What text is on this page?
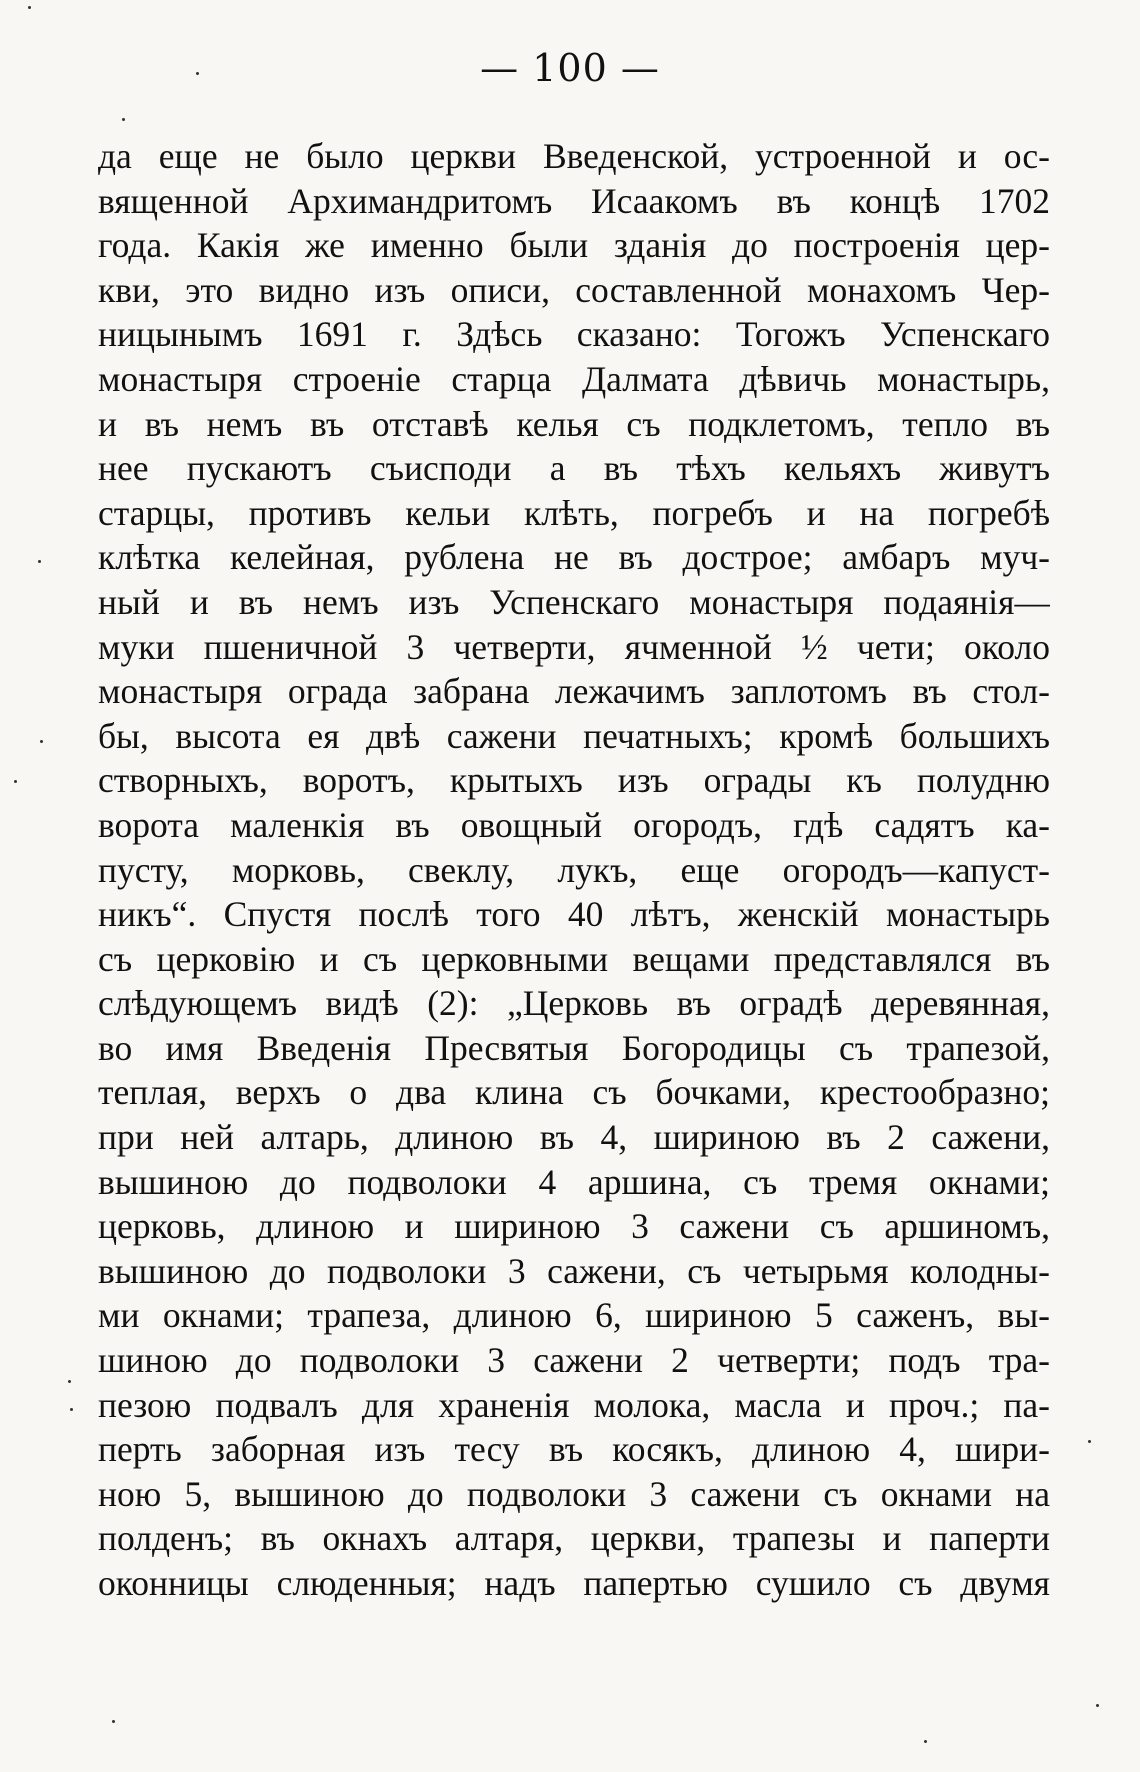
— 100 —
да еще не было церкви Введенской, устроенной и ос-
вященной Архимандритомъ Исаакомъ въ концѣ 1702
года. Какія же именно были зданія до построенія цер-
кви, это видно изъ описи, составленной монахомъ Чер-
ницынымъ 1691 г. Здѣсь сказано: Тогожъ Успенскаго
монастыря строеніе старца Далмата дѣвичь монастырь,
и въ немъ въ отставѣ келья съ подклетомъ, тепло въ
нее пускаютъ съисподи а въ тѣхъ кельяхъ живутъ
старцы, противъ кельи клѣть, погребъ и на погребѣ
клѣтка келейная, рублена не въ дострое; амбаръ муч-
ный и въ немъ изъ Успенскаго монастыря подаянія—
муки пшеничной 3 четверти, ячменной ½ чети; около
монастыря ограда забрана лежачимъ заплотомъ въ стол-
бы, высота ея двѣ сажени печатныхъ; кромѣ большихъ
створныхъ, воротъ, крытыхъ изъ ограды къ полудню
ворота маленкія въ овощный огородъ, гдѣ садятъ ка-
пусту, морковь, свеклу, лукъ, еще огородъ—капуст-
никъ“. Спустя послѣ того 40 лѣтъ, женскій монастырь
съ церковію и съ церковными вещами представлялся въ
слѣдующемъ видѣ (2): „Церковь въ оградѣ деревянная,
во имя Введенія Пресвятыя Богородицы съ трапезой,
теплая, верхъ о два клина съ бочками, крестообразно;
при ней алтарь, длиною въ 4, шириною въ 2 сажени,
вышиною до подволоки 4 аршина, съ тремя окнами;
церковь, длиною и шириною 3 сажени съ аршиномъ,
вышиною до подволоки 3 сажени, съ четырьмя колодны-
ми окнами; трапеза, длиною 6, шириною 5 саженъ, вы-
шиною до подволоки 3 сажени 2 четверти; подъ тра-
пезою подвалъ для храненія молока, масла и проч.; па-
перть заборная изъ тесу въ косякъ, длиною 4, шири-
ною 5, вышиною до подволоки 3 сажени съ окнами на
полденъ; въ окнахъ алтаря, церкви, трапезы и паперти
оконницы слюденныя; надъ папертью сушило съ двумя
